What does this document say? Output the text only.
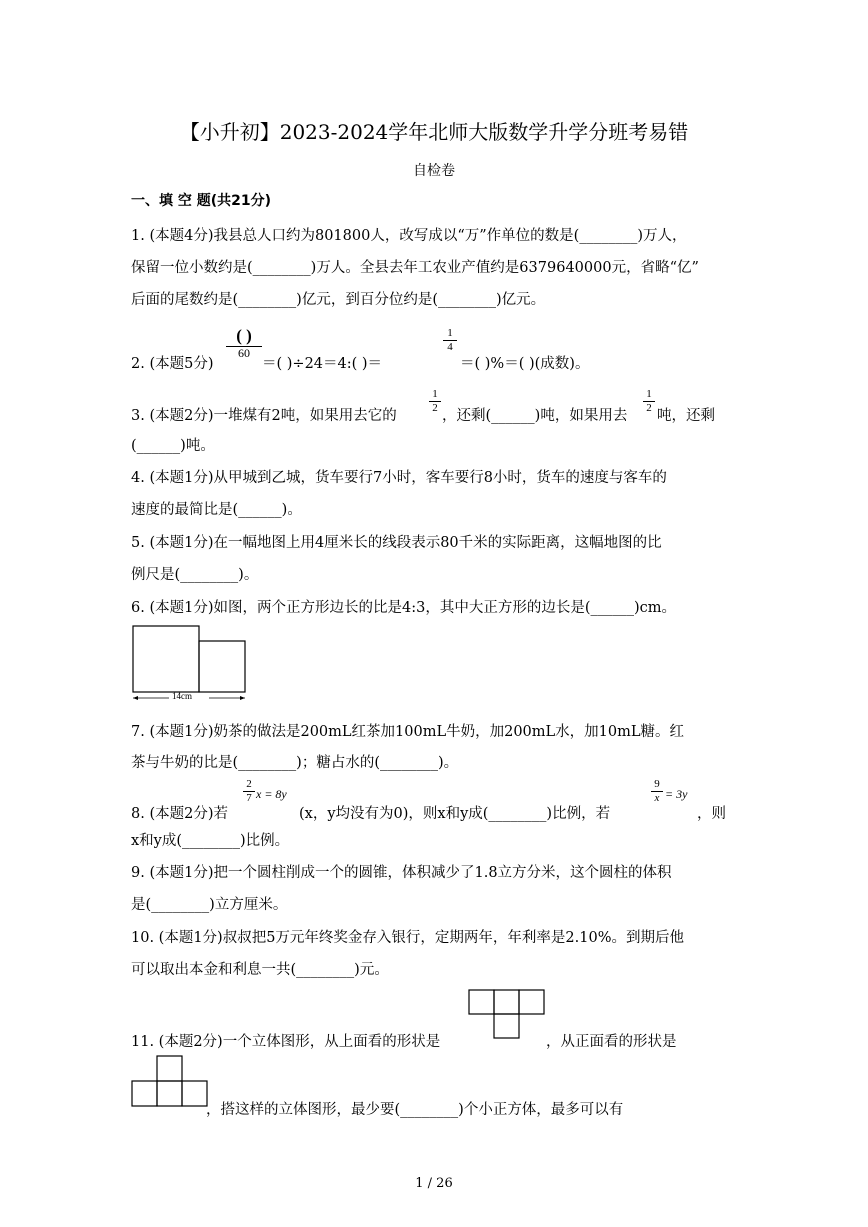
【小升初】2023-2024学年北师大版数学升学分班考易错
自检卷
一、填 空 题(共21分)
1. (本题4分)我县总人口约为801800人，改写成以“万”作单位的数是(________)万人，
保留一位小数约是(________)万人。全县去年工农业产值约是6379640000元，省略“亿”
后面的尾数约是(________)亿元，到百分位约是(________)亿元。
( )
60
2. (本题5分)	＝( )÷24＝4:( )＝
$\frac{1}{4}$
＝( )%＝( )(成数)。
3. (本题2分)一堆煤有2吨，如果用去它的
$\frac{1}{2}$
，还剩(______)吨，如果用去
$\frac{1}{2}$
吨，还剩
(______)吨。
4. (本题1分)从甲城到乙城，货车要行7小时，客车要行8小时，货车的速度与客车的
速度的最简比是(______)。
5. (本题1分)在一幅地图上用4厘米长的线段表示80千米的实际距离，这幅地图的比
例尺是(________)。
6. (本题1分)如图，两个正方形边长的比是4:3，其中大正方形的边长是(______)cm。
14cm
7. (本题1分)奶茶的做法是200mL红茶加100mL牛奶，加200mL水，加10mL糖。红
茶与牛奶的比是(________)；糖占水的(________)。
8. (本题2分)若
$\frac{2}{7}$ x = 8y
(x，y均没有为0)，则x和y成(________)比例，若
$\frac{9}{x} = 3y$
，则
x和y成(________)比例。
9. (本题1分)把一个圆柱削成一个的圆锥，体积减少了1.8立方分米，这个圆柱的体积
是(________)立方厘米。
10. (本题1分)叔叔把5万元年终奖金存入银行，定期两年，年利率是2.10%。到期后他
可以取出本金和利息一共(________)元。
11. (本题2分)一个立体图形，从上面看的形状是	，从正面看的形状是
，搭这样的立体图形，最少要(________)个小正方体，最多可以有
1 / 26
